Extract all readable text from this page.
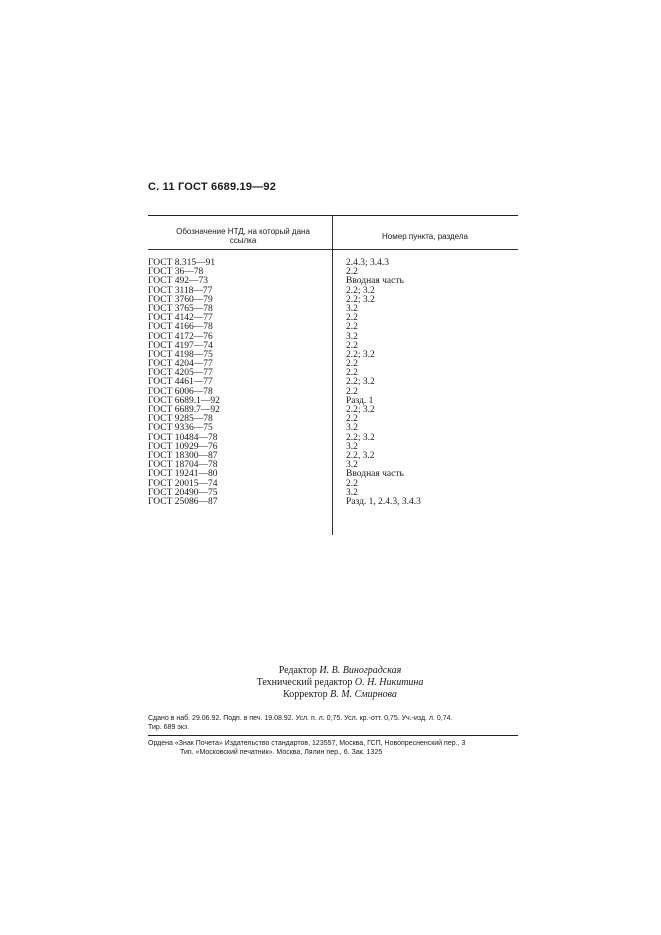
С. 11 ГОСТ 6689.19—92
Обозначение НТД, на который дана ссылка	Номер пункта, раздела
ГОСТ 8.315—91	2.4.3; 3.4.3
ГОСТ 36—78	2.2
ГОСТ 492—73	Вводная часть
ГОСТ 3118—77	2.2; 3.2
ГОСТ 3760—79	2.2; 3.2
ГОСТ 3765—78	3.2
ГОСТ 4142—77	2.2
ГОСТ 4166—78	2.2
ГОСТ 4172—76	3.2
ГОСТ 4197—74	2.2
ГОСТ 4198—75	2.2; 3.2
ГОСТ 4204—77	2.2
ГОСТ 4205—77	2.2
ГОСТ 4461—77	2.2; 3.2
ГОСТ 6006—78	2.2
ГОСТ 6689.1—92	Разд. 1
ГОСТ 6689.7—92	2.2; 3.2
ГОСТ 9285—78	2.2
ГОСТ 9336—75	3.2
ГОСТ 10484—78	2.2; 3.2
ГОСТ 10929—76	3.2
ГОСТ 18300—87	2.2, 3.2
ГОСТ 18704—78	3.2
ГОСТ 19241—80	Вводная часть
ГОСТ 20015—74	2.2
ГОСТ 20490—75	3.2
ГОСТ 25086—87	Разд. 1, 2.4.3, 3.4.3
Редактор И. В. Виноградская
Технический редактор О. Н. Никитина
Корректор В. М. Смирнова
Сдано в наб. 29.06.92. Подп. в печ. 19.08.92. Усл. п. л. 0,75. Усл. кр.-отт. 0,75. Уч.-изд. л. 0,74.
Тир. 689 экз.
Ордена «Знак Почета» Издательство стандартов, 123557, Москва, ГСП, Новопресненский пер., 3
Тип. «Московский печатник». Москва, Лялин пер., 6. Зак. 1325
